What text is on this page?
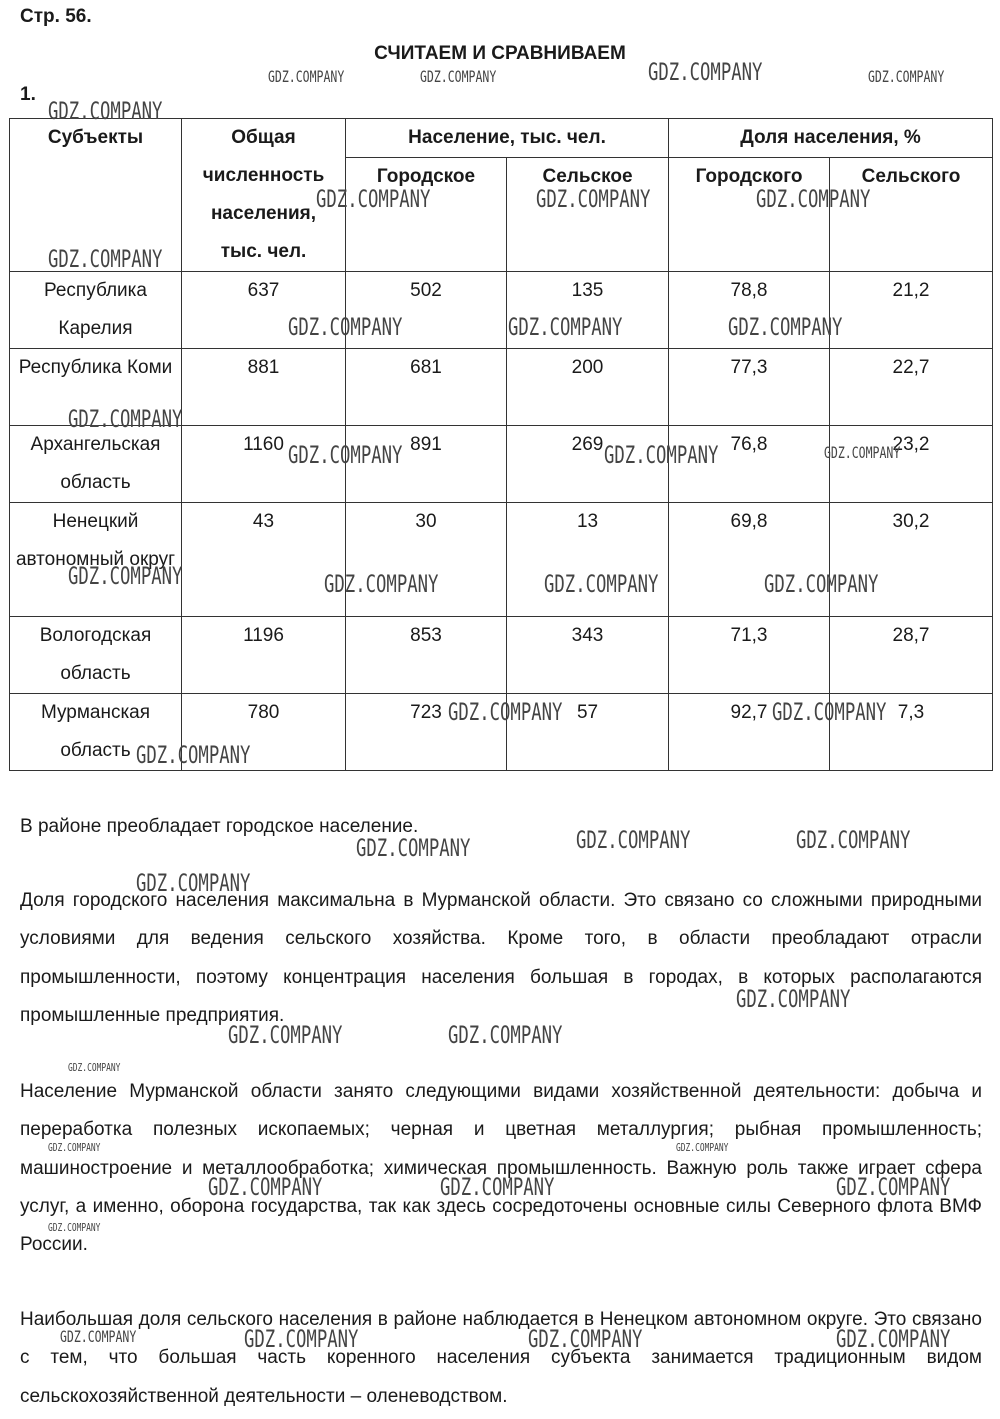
Стр. 56.
СЧИТАЕМ И СРАВНИВАЕМ
1.
Субъекты	Общая численность населения, тыс. чел.	Население, тыс. чел.		Доля населения, %	
		Городское	Сельское	Городского	Сельского
Республика Карелия	637	502	135	78,8	21,2
Республика Коми	881	681	200	77,3	22,7
Архангельская область	1160	891	269	76,8	23,2
Ненецкий автономный округ	43	30	13	69,8	30,2
Вологодская область	1196	853	343	71,3	28,7
Мурманская область	780	723	57	92,7	7,3

В районе преобладает городское население.

Доля городского населения максимальна в Мурманской области. Это связано со сложными природными условиями для ведения сельского хозяйства. Кроме того, в области преобладают отрасли промышленности, поэтому концентрация населения большая в городах, в которых располагаются промышленные предприятия.

Население Мурманской области занято следующими видами хозяйственной деятельности: добыча и переработка полезных ископаемых; черная и цветная металлургия; рыбная промышленность; машиностроение и металлообработка; химическая промышленность. Важную роль также играет сфера услуг, а именно, оборона государства, так как здесь сосредоточены основные силы Северного флота ВМФ России.

Наибольшая доля сельского населения в районе наблюдается в Ненецком автономном округе. Это связано с тем, что большая часть коренного населения субъекта занимается традиционным видом сельскохозяйственной деятельности – оленеводством.

GDZ.COMPANY	GDZ.COMPANY	GDZ.COMPANY	GDZ.COMPANY
GDZ.COMPANY
GDZ.COMPANY	GDZ.COMPANY	GDZ.COMPANY
GDZ.COMPANY
GDZ.COMPANY	GDZ.COMPANY	GDZ.COMPANY
GDZ.COMPANY
GDZ.COMPANY	GDZ.COMPANY	GDZ.COMPANY
GDZ.COMPANY	GDZ.COMPANY	GDZ.COMPANY	GDZ.COMPANY
GDZ.COMPANY	GDZ.COMPANY
GDZ.COMPANY
GDZ.COMPANY	GDZ.COMPANY
GDZ.COMPANY
GDZ.COMPANY
GDZ.COMPANY
GDZ.COMPANY	GDZ.COMPANY
GDZ.COMPANY
GDZ.COMPANY	GDZ.COMPANY
GDZ.COMPANY	GDZ.COMPANY	GDZ.COMPANY
GDZ.COMPANY
GDZ.COMPANY	GDZ.COMPANY	GDZ.COMPANY	GDZ.COMPANY
